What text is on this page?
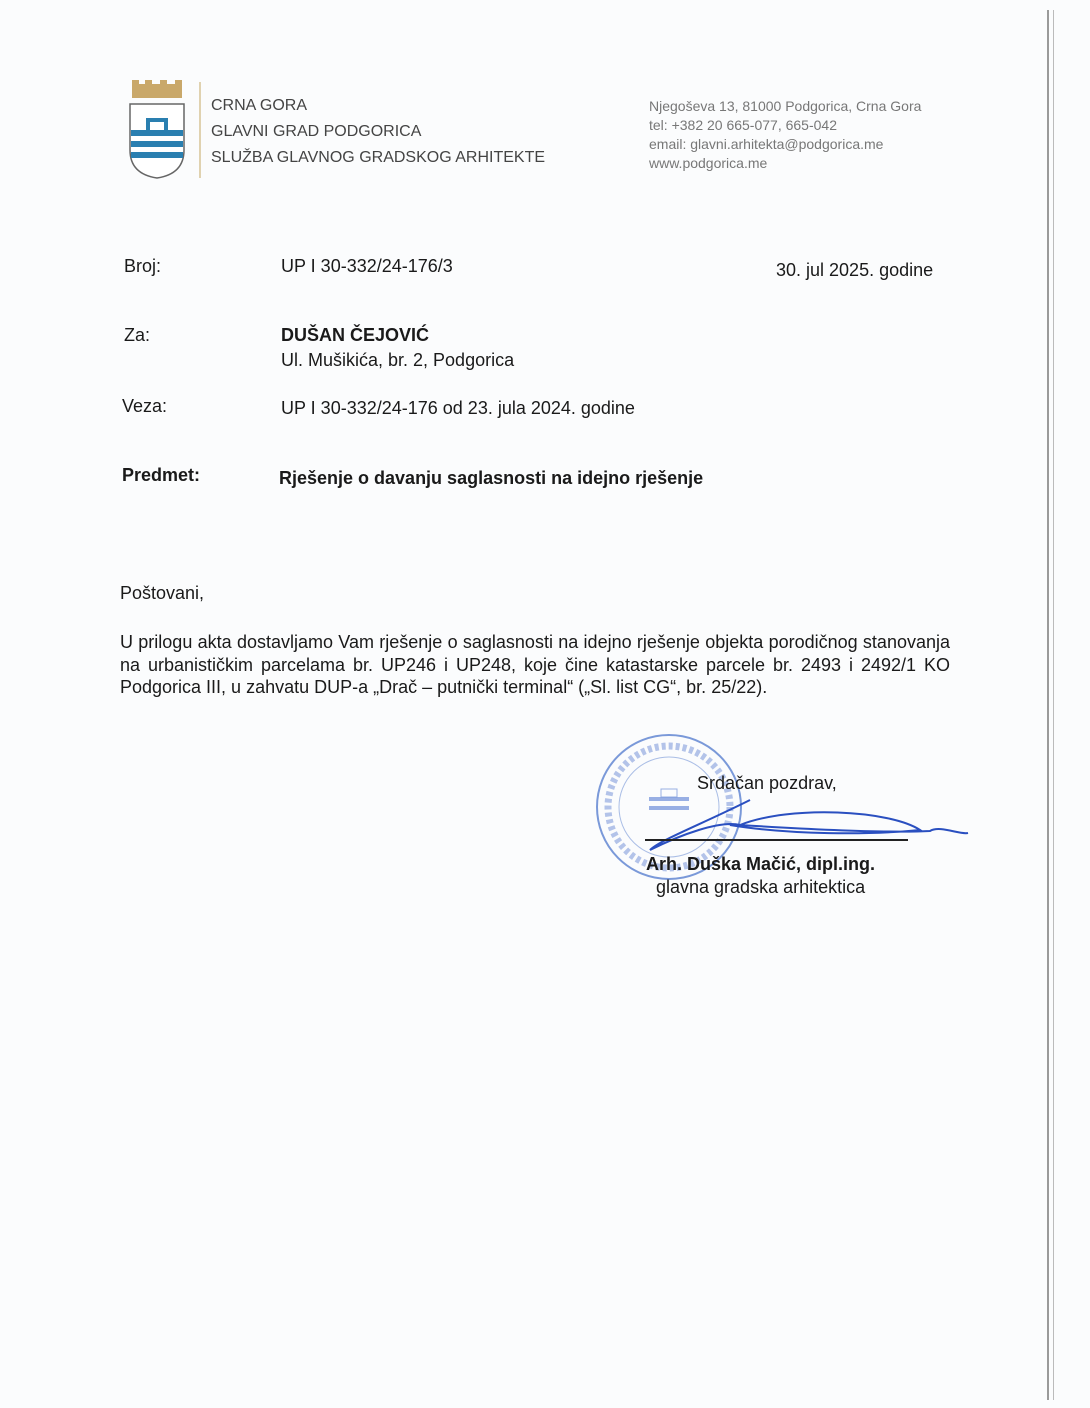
CRNA GORA
GLAVNI GRAD PODGORICA
SLUŽBA GLAVNOG GRADSKOG ARHITEKTE
Njegoševa 13, 81000 Podgorica, Crna Gora
tel: +382 20 665-077, 665-042
email: glavni.arhitekta@podgorica.me
www.podgorica.me
Broj:	UP I 30-332/24-176/3	30. jul 2025. godine
Za:	DUŠAN ČEJOVIĆ
Ul. Mušikića, br. 2, Podgorica
Veza:	UP I 30-332/24-176 od 23. jula 2024. godine
Predmet:	Rješenje o davanju saglasnosti na idejno rješenje
Poštovani,
U prilogu akta dostavljamo Vam rješenje o saglasnosti na idejno rješenje objekta porodičnog stanovanja na urbanističkim parcelama br. UP246 i UP248, koje čine katastarske parcele br. 2493 i 2492/1 KO Podgorica III, u zahvatu DUP-a „Drač – putnički terminal“ („Sl. list CG“, br. 25/22).
Srdačan pozdrav,
Arh. Duška Mačić, dipl.ing.
glavna gradska arhitektica
